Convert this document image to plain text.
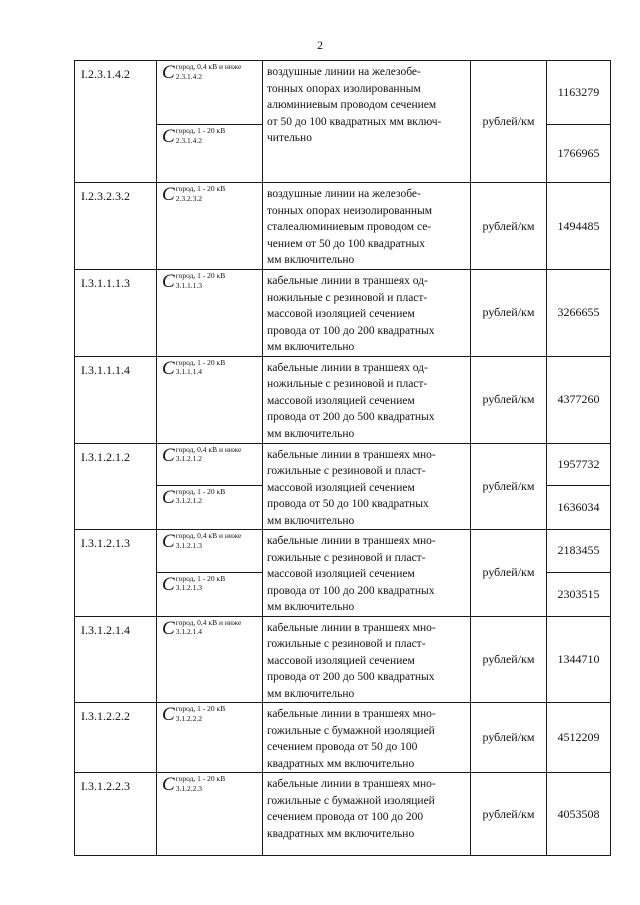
2
I.2.3.1.4.2	C город, 0,4 кВ и ниже
2.3.1.4.2	воздушные линии на железобе-
тонных опорах изолированным
алюминиевым проводом сечением
от 50 до 100 квадратных мм включ-
чительно	рублей/км	1163279

	C город, 1 - 20 кВ
2.3.1.4.2			1766965
I.2.3.2.3.2	C город, 1 - 20 кВ
2.3.2.3.2	воздушные линии на железобе-
тонных опорах неизолированным
сталеалюминиевым проводом се-
чением от 50 до 100 квадратных
мм включительно	рублей/км	1494485
I.3.1.1.1.3	C город, 1 - 20 кВ
3.1.1.1.3	кабельные линии в траншеях од-
ножильные с резиновой и пласт-
массовой изоляцией сечением
провода от 100 до 200 квадратных
мм включительно	рублей/км	3266655
I.3.1.1.1.4	C город, 1 - 20 кВ
3.1.1.1.4	кабельные линии в траншеях од-
ножильные с резиновой и пласт-
массовой изоляцией сечением
провода от 200 до 500 квадратных
мм включительно	рублей/км	4377260
I.3.1.2.1.2	C город, 0,4 кВ и ниже
3.1.2.1.2	кабельные линии в траншеях мно-
гожильные с резиновой и пласт-
массовой изоляцией сечением
провода от 50 до 100 квадратных
мм включительно	рублей/км	1957732

	C город, 1 - 20 кВ
3.1.2.1.2			1636034
I.3.1.2.1.3	C город, 0,4 кВ и ниже
3.1.2.1.3	кабельные линии в траншеях мно-
гожильные с резиновой и пласт-
массовой изоляцией сечением
провода от 100 до 200 квадратных
мм включительно	рублей/км	2183455

	C город, 1 - 20 кВ
3.1.2.1.3			2303515
I.3.1.2.1.4	C город, 0,4 кВ и ниже
3.1.2.1.4	кабельные линии в траншеях мно-
гожильные с резиновой и пласт-
массовой изоляцией сечением
провода от 200 до 500 квадратных
мм включительно	рублей/км	1344710
I.3.1.2.2.2	C город, 1 - 20 кВ
3.1.2.2.2	кабельные линии в траншеях мно-
гожильные с бумажной изоляцией
сечением провода от 50 до 100
квадратных мм включительно	рублей/км	4512209
I.3.1.2.2.3	C город, 1 - 20 кВ
3.1.2.2.3	кабельные линии в траншеях мно-
гожильные с бумажной изоляцией
сечением провода от 100 до 200
квадратных мм включительно	рублей/км	4053508
